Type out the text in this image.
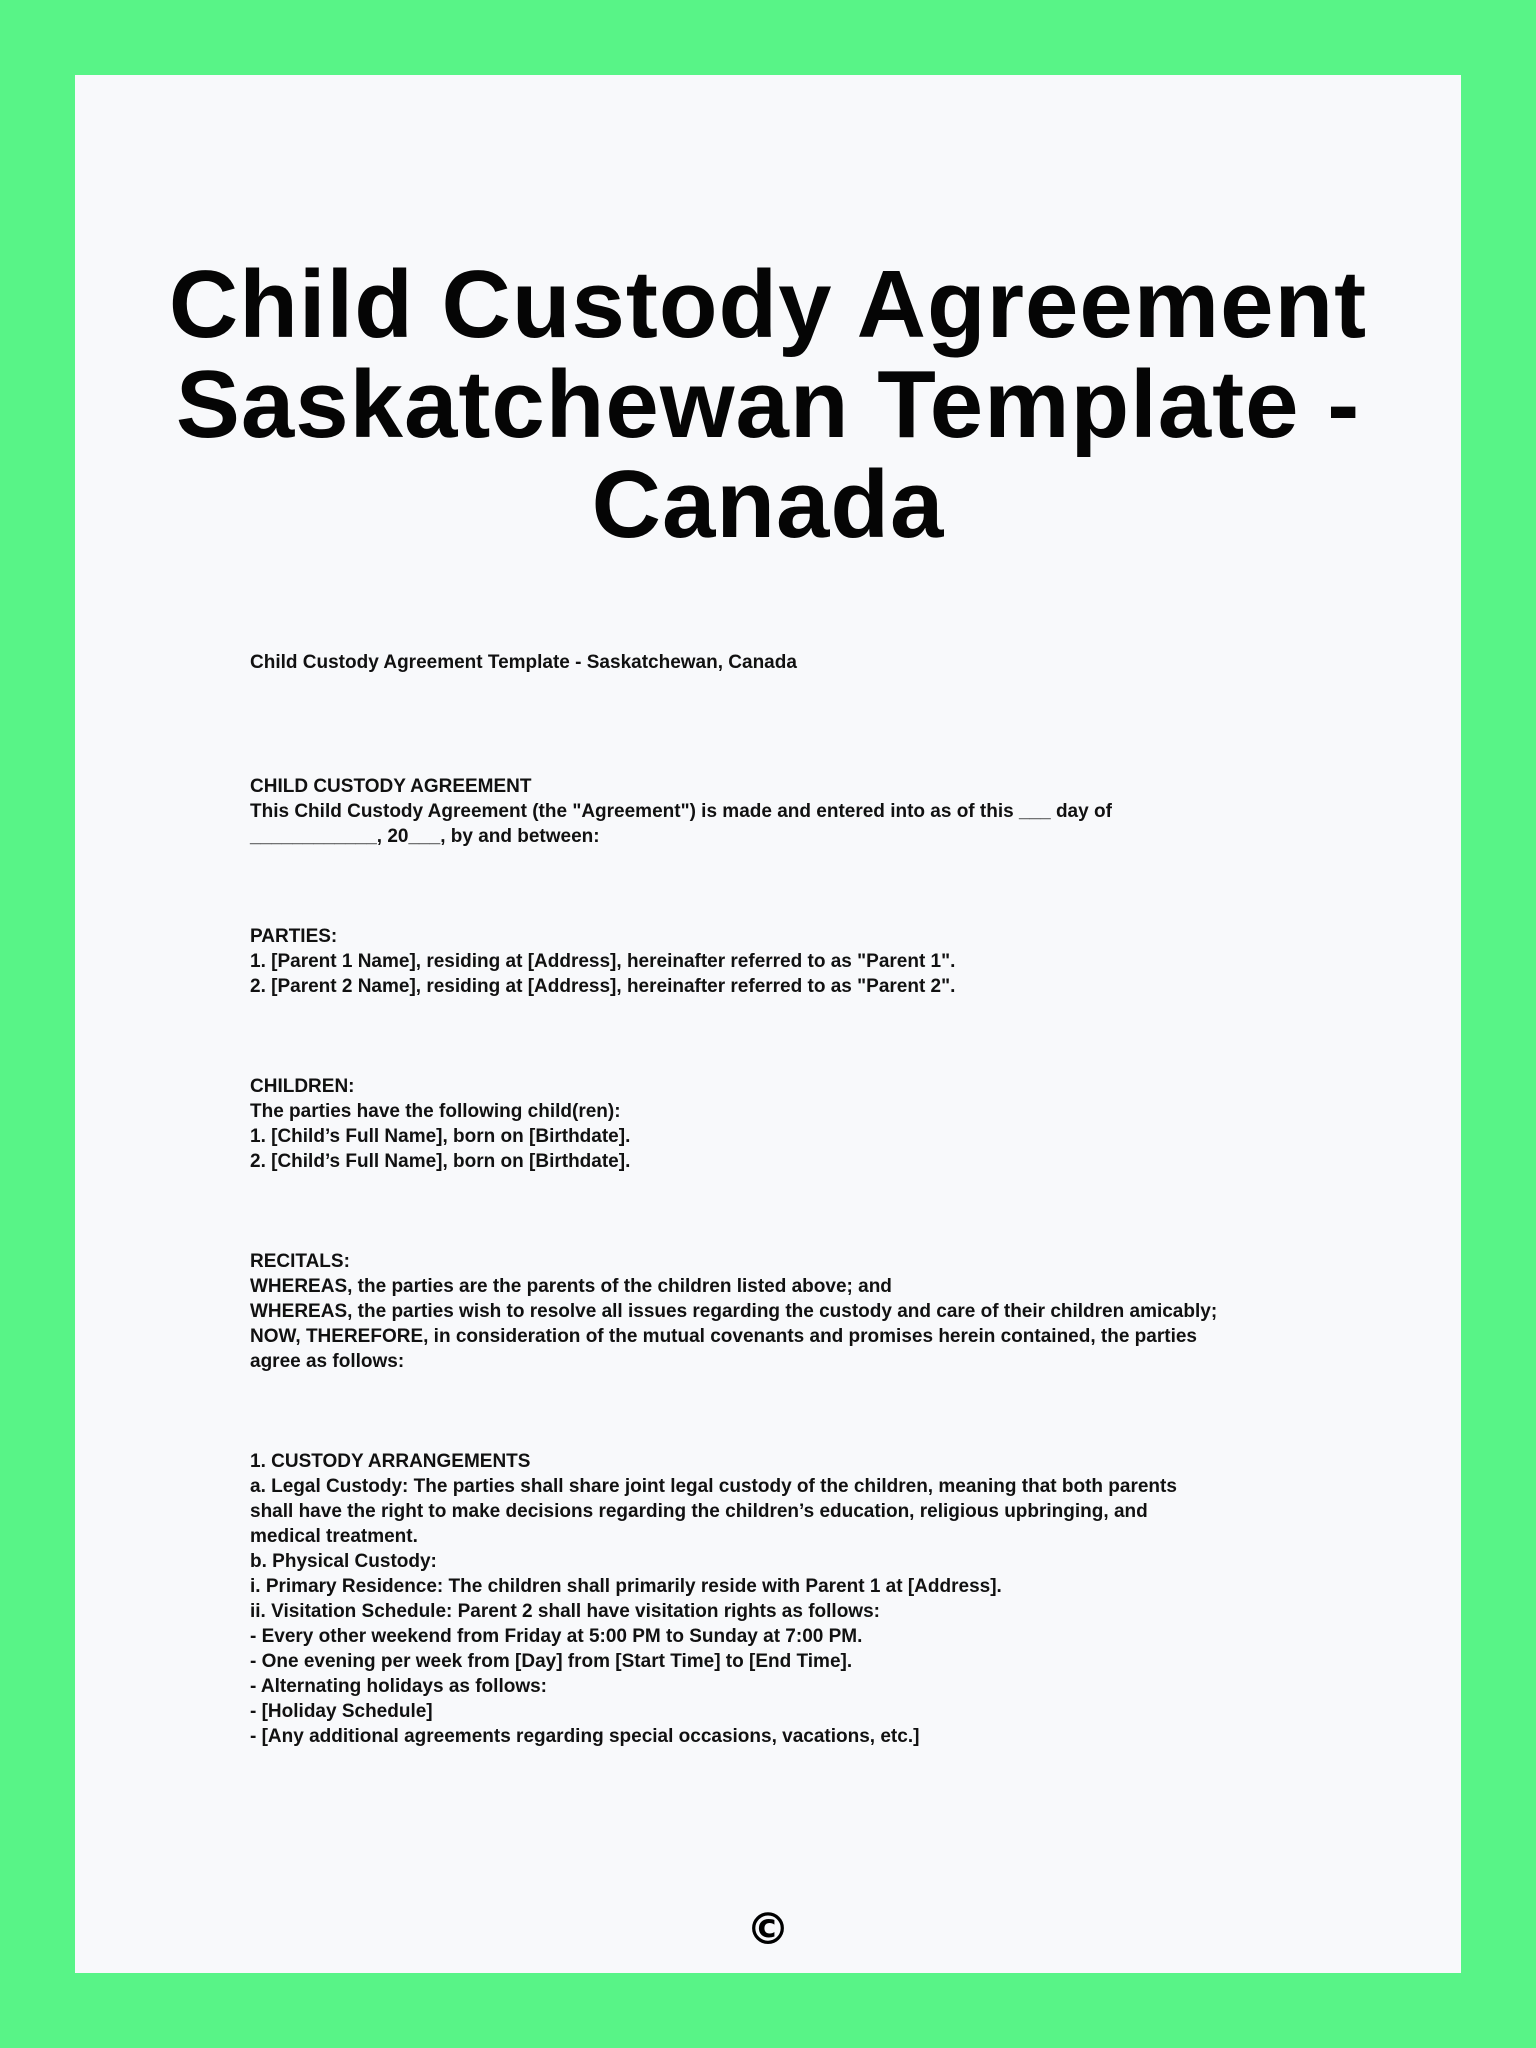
Child Custody Agreement
Saskatchewan Template -
Canada

Child Custody Agreement Template - Saskatchewan, Canada

CHILD CUSTODY AGREEMENT

This Child Custody Agreement (the "Agreement") is made and entered into as of this ___ day of

____________, 20___, by and between:

PARTIES:

1. [Parent 1 Name], residing at [Address], hereinafter referred to as "Parent 1".

2. [Parent 2 Name], residing at [Address], hereinafter referred to as "Parent 2".

CHILDREN:

The parties have the following child(ren):

1. [Child’s Full Name], born on [Birthdate].

2. [Child’s Full Name], born on [Birthdate].

RECITALS:

WHEREAS, the parties are the parents of the children listed above; and

WHEREAS, the parties wish to resolve all issues regarding the custody and care of their children amicably;

NOW, THEREFORE, in consideration of the mutual covenants and promises herein contained, the parties

agree as follows:

1. CUSTODY ARRANGEMENTS

a. Legal Custody: The parties shall share joint legal custody of the children, meaning that both parents

shall have the right to make decisions regarding the children’s education, religious upbringing, and

medical treatment.

b. Physical Custody:

i. Primary Residence: The children shall primarily reside with Parent 1 at [Address].

ii. Visitation Schedule: Parent 2 shall have visitation rights as follows:

- Every other weekend from Friday at 5:00 PM to Sunday at 7:00 PM.

- One evening per week from [Day] from [Start Time] to [End Time].

- Alternating holidays as follows:

- [Holiday Schedule]

- [Any additional agreements regarding special occasions, vacations, etc.]

©
